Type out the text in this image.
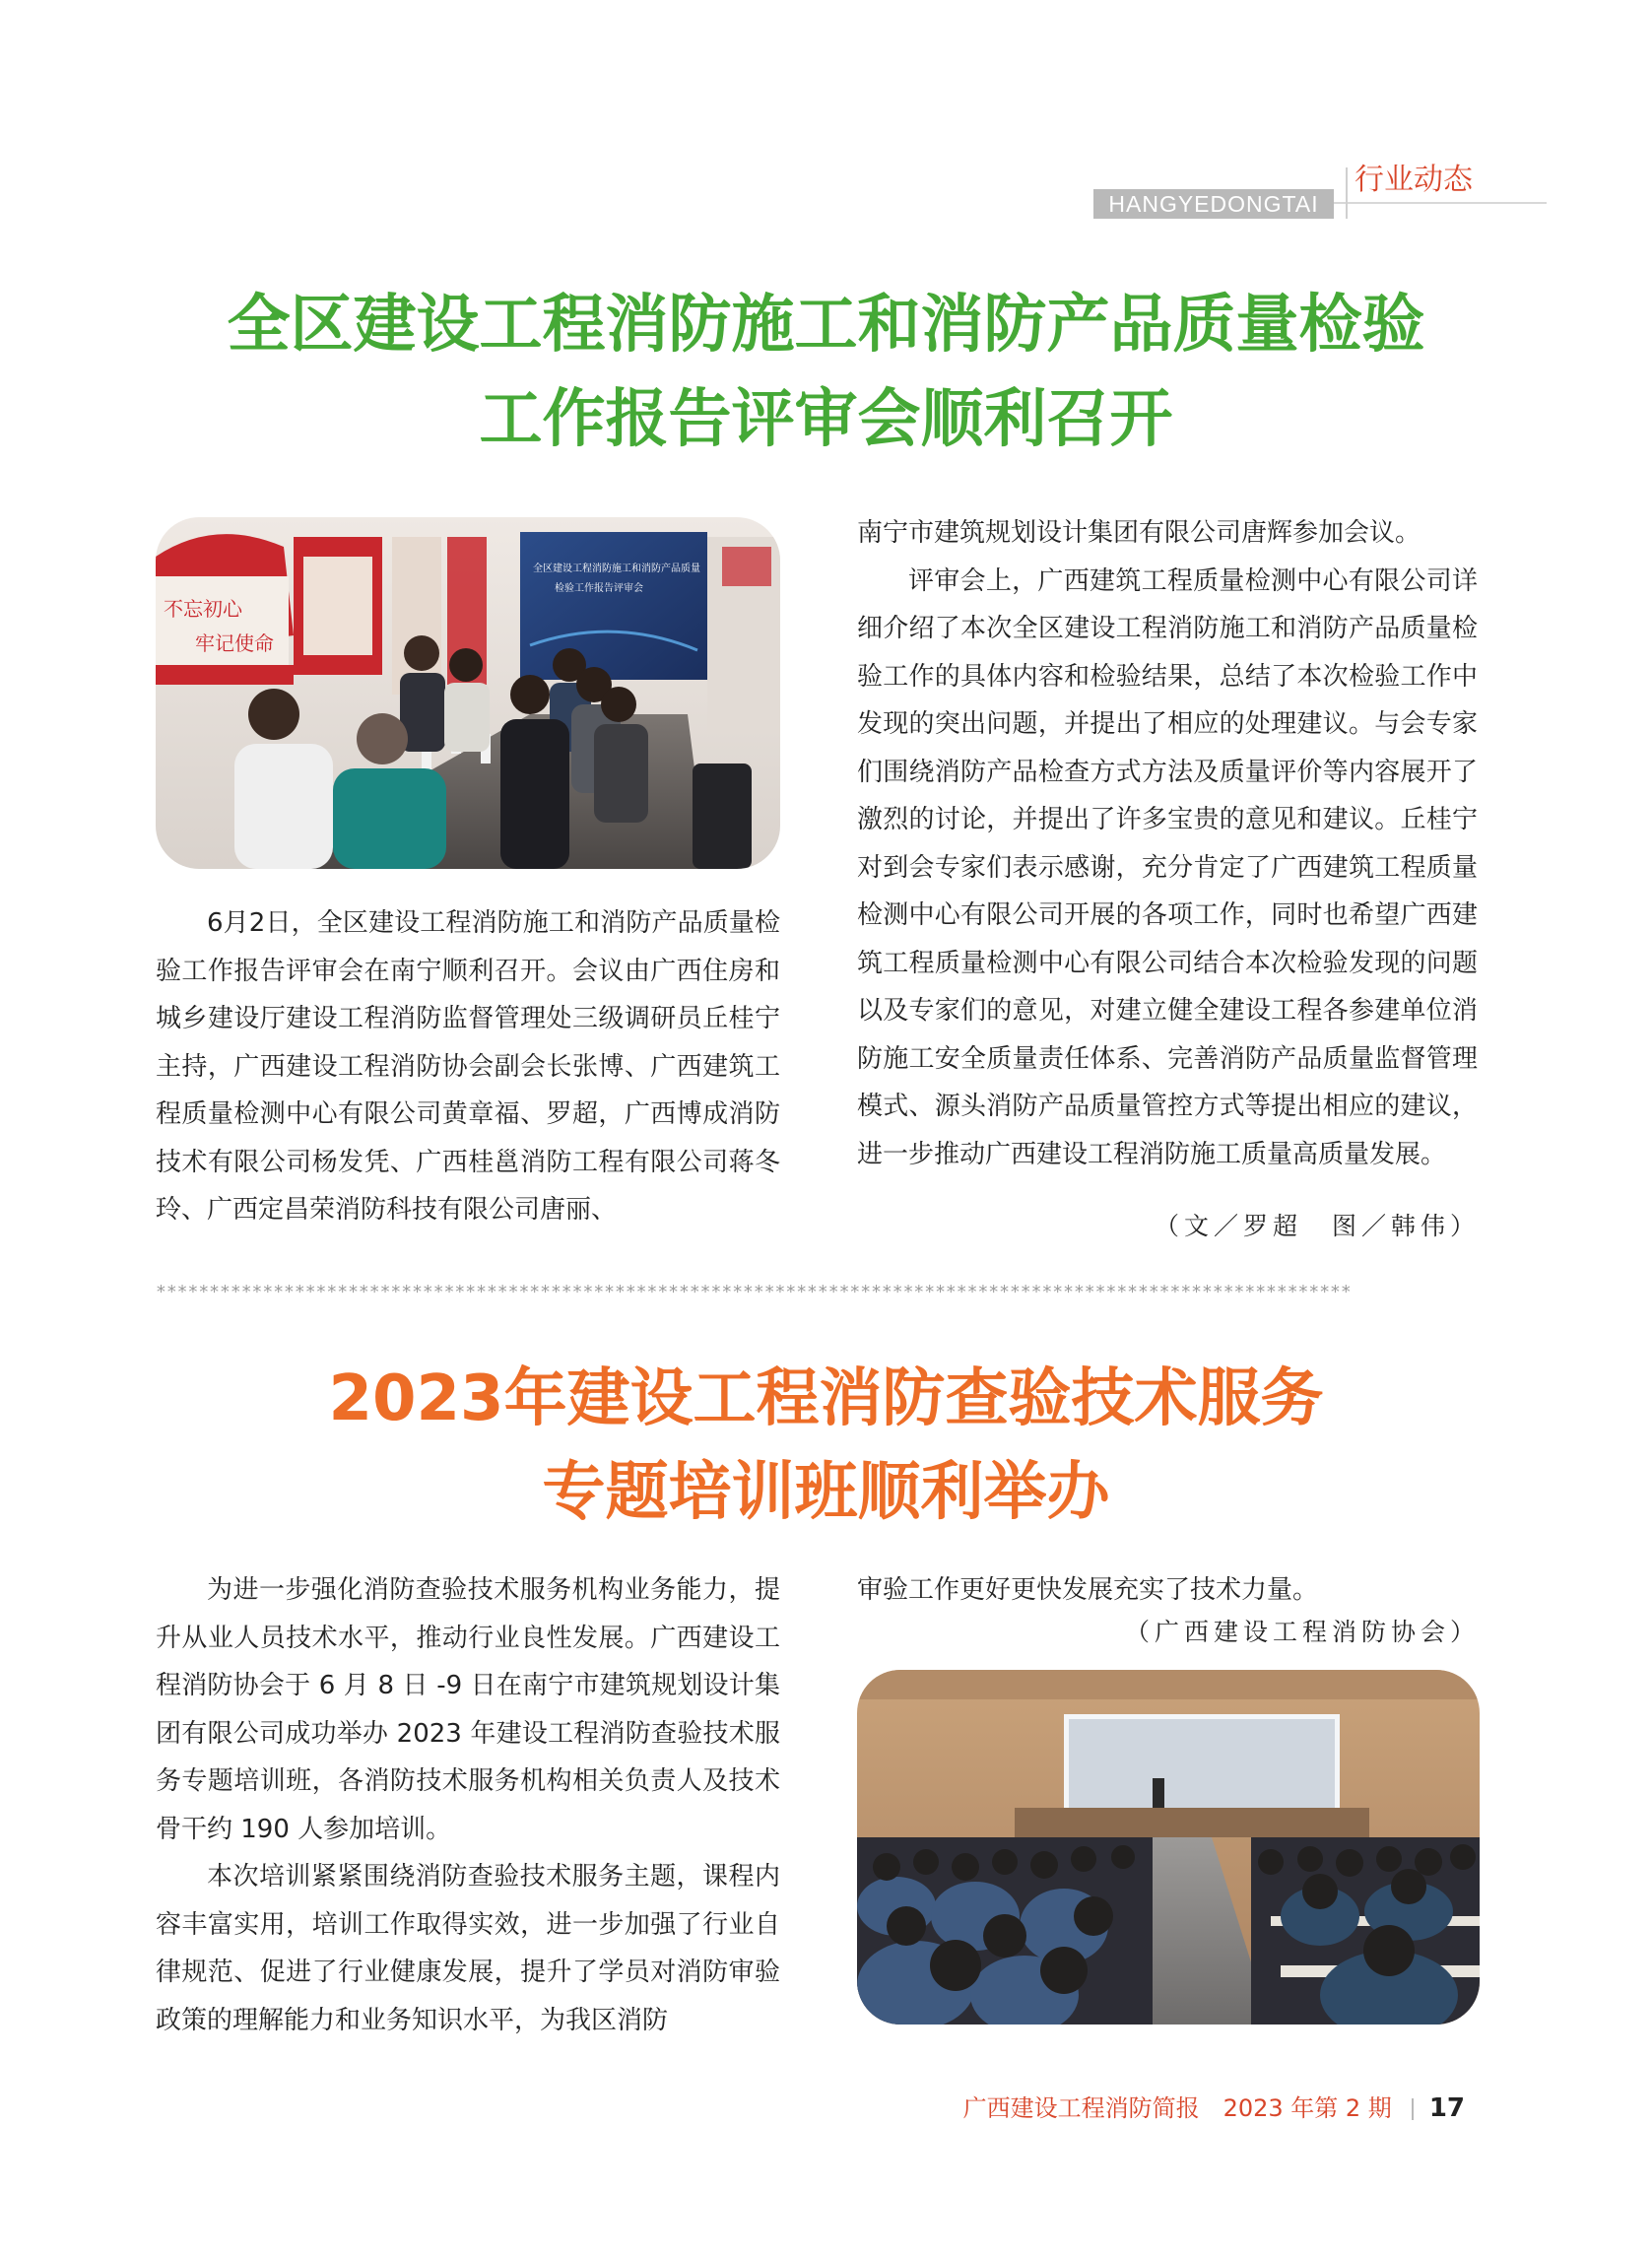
HANGYEDONGTAI
行业动态
全区建设工程消防施工和消防产品质量检验
工作报告评审会顺利召开
不忘初心
牢记使命
全区建设工程消防施工和消防产品质量
检验工作报告评审会

6月2日，全区建设工程消防施工和消防产品质量检验工作报告评审会在南宁顺利召开。会议由广西住房和城乡建设厅建设工程消防监督管理处三级调研员丘桂宁主持，广西建设工程消防协会副会长张博、广西建筑工程质量检测中心有限公司黄章福、罗超，广西博成消防技术有限公司杨发凭、广西桂邕消防工程有限公司蒋冬玲、广西定昌荣消防科技有限公司唐丽、

南宁市建筑规划设计集团有限公司唐辉参加会议。

评审会上，广西建筑工程质量检测中心有限公司详细介绍了本次全区建设工程消防施工和消防产品质量检验工作的具体内容和检验结果，总结了本次检验工作中发现的突出问题，并提出了相应的处理建议。与会专家们围绕消防产品检查方式方法及质量评价等内容展开了激烈的讨论，并提出了许多宝贵的意见和建议。丘桂宁对到会专家们表示感谢，充分肯定了广西建筑工程质量检测中心有限公司开展的各项工作，同时也希望广西建筑工程质量检测中心有限公司结合本次检验发现的问题以及专家们的意见，对建立健全建设工程各参建单位消防施工安全质量责任体系、完善消防产品质量监督管理模式、源头消防产品质量管控方式等提出相应的建议，进一步推动广西建设工程消防施工质量高质量发展。

（文／罗超　图／韩伟）
****************************************************************************************************************
2023年建设工程消防查验技术服务
专题培训班顺利举办

为进一步强化消防查验技术服务机构业务能力，提升从业人员技术水平，推动行业良性发展。广西建设工程消防协会于 6 月 8 日 -9 日在南宁市建筑规划设计集团有限公司成功举办 2023 年建设工程消防查验技术服务专题培训班，各消防技术服务机构相关负责人及技术骨干约 190 人参加培训。

本次培训紧紧围绕消防查验技术服务主题，课程内容丰富实用，培训工作取得实效，进一步加强了行业自律规范、促进了行业健康发展，提升了学员对消防审验政策的理解能力和业务知识水平，为我区消防

审验工作更好更快发展充实了技术力量。

（广西建设工程消防协会）
广西建设工程消防简报　 2023 年第 2 期 17
